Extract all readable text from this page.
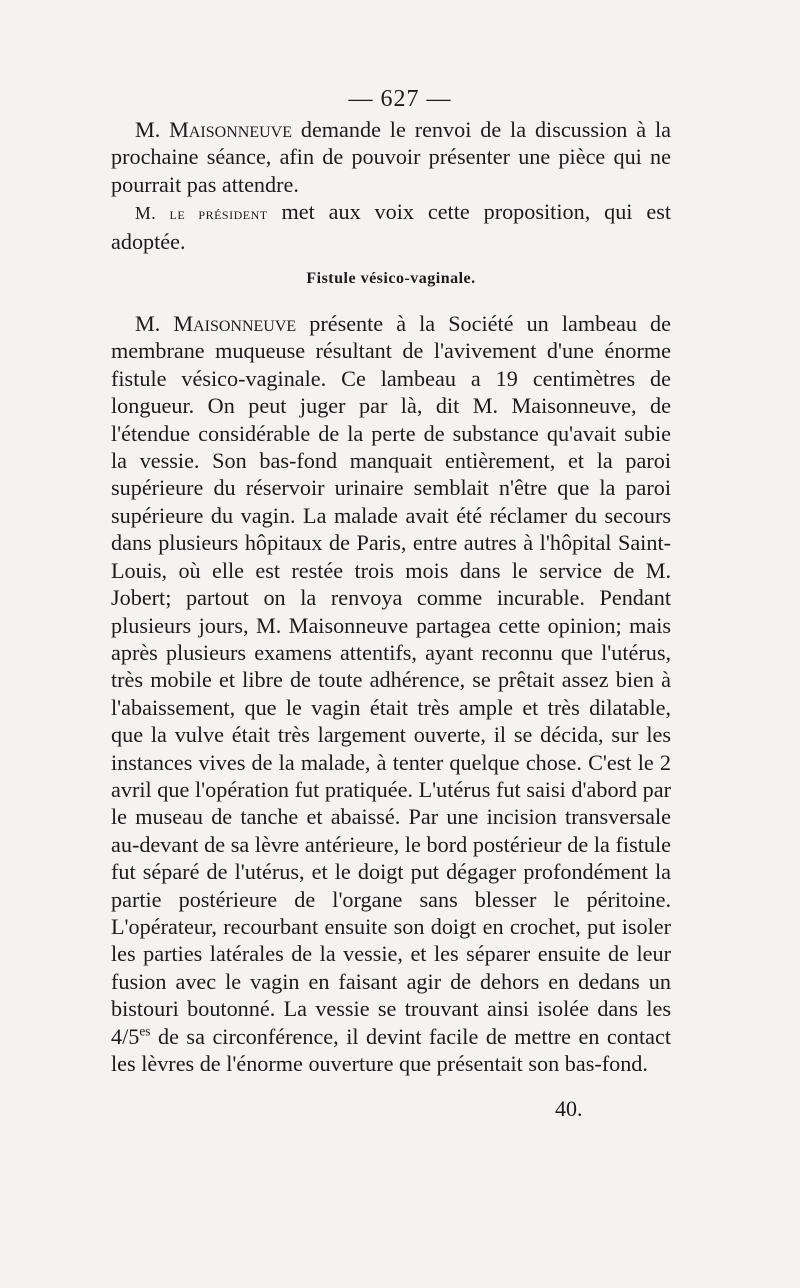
— 627 —

M. Maisonneuve demande le renvoi de la discussion à la prochaine séance, afin de pouvoir présenter une pièce qui ne pourrait pas attendre.

M. le président met aux voix cette proposition, qui est adoptée.

Fistule vésico-vaginale.

M. Maisonneuve présente à la Société un lambeau de membrane muqueuse résultant de l'avivement d'une énorme fistule vésico-vaginale. Ce lambeau a 19 centimètres de longueur. On peut juger par là, dit M. Maisonneuve, de l'étendue considérable de la perte de substance qu'avait subie la vessie. Son bas-fond manquait entièrement, et la paroi supérieure du réservoir urinaire semblait n'être que la paroi supérieure du vagin. La malade avait été réclamer du secours dans plusieurs hôpitaux de Paris, entre autres à l'hôpital Saint-Louis, où elle est restée trois mois dans le service de M. Jobert; partout on la renvoya comme incurable. Pendant plusieurs jours, M. Maisonneuve partagea cette opinion; mais après plusieurs examens attentifs, ayant reconnu que l'utérus, très mobile et libre de toute adhérence, se prêtait assez bien à l'abaissement, que le vagin était très ample et très dilatable, que la vulve était très largement ouverte, il se décida, sur les instances vives de la malade, à tenter quelque chose. C'est le 2 avril que l'opération fut pratiquée. L'utérus fut saisi d'abord par le museau de tanche et abaissé. Par une incision transversale au-devant de sa lèvre antérieure, le bord postérieur de la fistule fut séparé de l'utérus, et le doigt put dégager profondément la partie postérieure de l'organe sans blesser le péritoine. L'opérateur, recourbant ensuite son doigt en crochet, put isoler les parties latérales de la vessie, et les séparer ensuite de leur fusion avec le vagin en faisant agir de dehors en dedans un bistouri boutonné. La vessie se trouvant ainsi isolée dans les $4/5^{es}$ de sa circonférence, il devint facile de mettre en contact les lèvres de l'énorme ouverture que présentait son bas-fond.

40.
